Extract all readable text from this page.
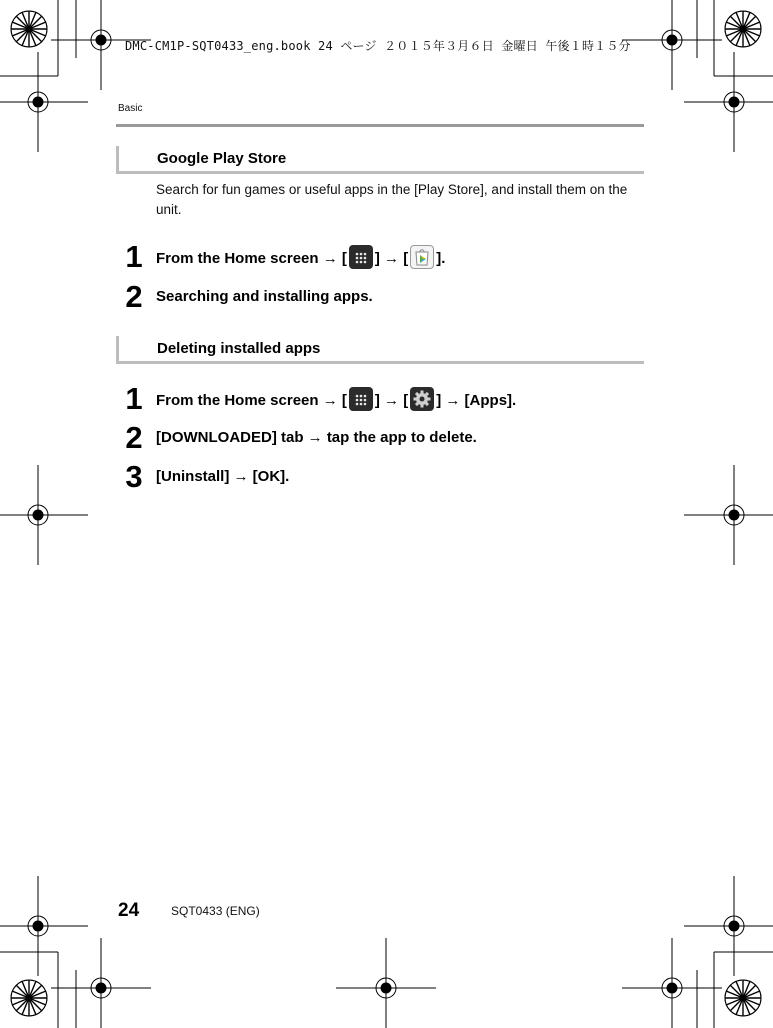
DMC-CM1P-SQT0433_eng.book 24 ページ ２０１５年３月６日 金曜日 午後１時１５分
Basic
Google Play Store
Search for fun games or useful apps in the [Play Store], and install them on the unit.
1 From the Home screen → [ ] → [ ].
2 Searching and installing apps.
Deleting installed apps
1 From the Home screen → [ ] → [ ] → [Apps].
2 [DOWNLOADED] tab → tap the app to delete.
3 [Uninstall] → [OK].
24	SQT0433 (ENG)
